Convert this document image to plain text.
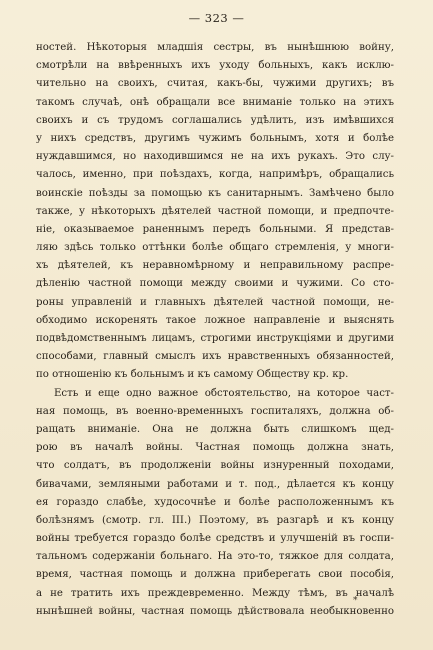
— 323 —
ностей. Нѣкоторыя младшія сестры, въ нынѣшнюю войну,
смотрѣли на ввѣренныхъ ихъ уходу больныхъ, какъ исклю-
чительно на своихъ, считая, какъ-бы, чужими другихъ; въ
такомъ случаѣ, онѣ обращали все вниманіе только на этихъ
своихъ и съ трудомъ соглашались удѣлить, изъ имѣвшихся
у нихъ средствъ, другимъ чужимъ больнымъ, хотя и болѣе
нуждавшимся, но находившимся не на ихъ рукахъ. Это слу-
чалось, именно, при поѣздахъ, когда, напримѣръ, обращались
воинскіе поѣзды за помощью къ санитарнымъ. Замѣчено было
также, у нѣкоторыхъ дѣятелей частной помощи, и предпочте-
ніе, оказываемое раненнымъ передъ больными. Я представ-
ляю здѣсь только оттѣнки болѣе общаго стремленія, у многи-
хъ дѣятелей, къ неравномѣрному и неправильному распре-
дѣленію частной помощи между своими и чужими. Со сто-
роны управленій и главныхъ дѣятелей частной помощи, не-
обходимо искоренять такое ложное направленіе и выяснять
подвѣдомственнымъ лицамъ, строгими инструкціями и другими
способами, главный смыслъ ихъ нравственныхъ обязанностей,
по отношенію къ больнымъ и къ самому Обществу кр. кр.
Есть и еще одно важное обстоятельство, на которое част-
ная помощь, въ военно-временныхъ госпиталяхъ, должна об-
ращать вниманіе. Она не должна быть слишкомъ щед-
рою въ началѣ войны. Частная помощь должна знать,
что солдатъ, въ продолженіи войны изнуренный походами,
бивачами, земляными работами и т. под., дѣлается къ концу
ея гораздо слабѣе, худосочнѣе и болѣе расположеннымъ къ
болѣзнямъ (смотр. гл. III.) Поэтому, въ разгарѣ и къ концу
войны требуется гораздо болѣе средствъ и улучшеній въ госпи-
тальномъ содержаніи больнаго. На это-то, тяжкое для солдата,
время, частная помощь и должна приберегать свои пособія,
а не тратить ихъ преждевременно. Между тѣмъ, въ началѣ
нынѣшней войны, частная помощь дѣйствовала необыкновенно
*
